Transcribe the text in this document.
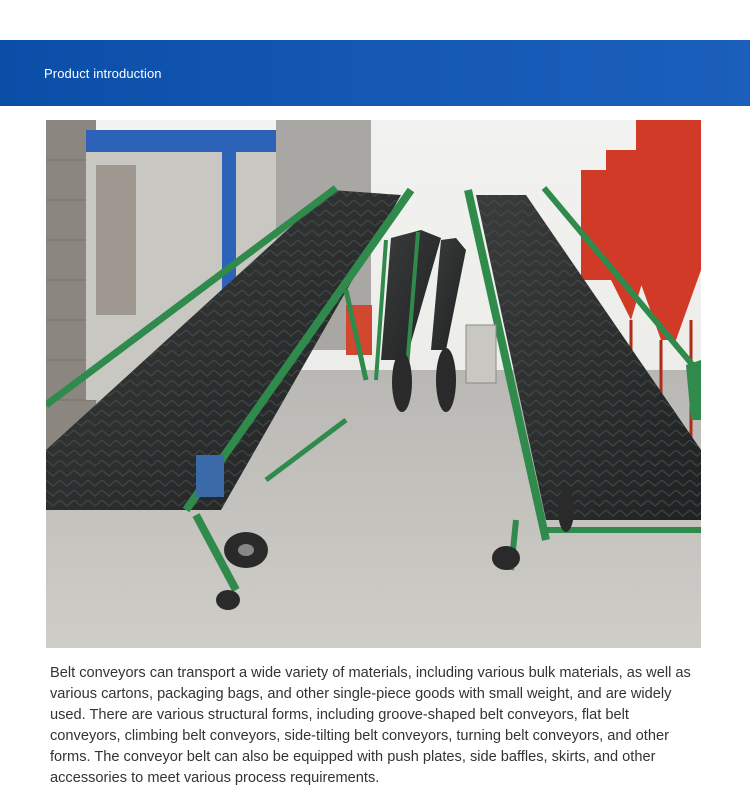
Product introduction

Belt conveyors can transport a wide variety of materials, including various bulk materials, as well as various cartons, packaging bags, and other single-piece goods with small weight, and are widely used. There are various structural forms, including groove-shaped belt conveyors, flat belt conveyors, climbing belt conveyors, side-tilting belt conveyors, turning belt conveyors, and other forms. The conveyor belt can also be equipped with push plates, side baffles, skirts, and other accessories to meet various process requirements.
